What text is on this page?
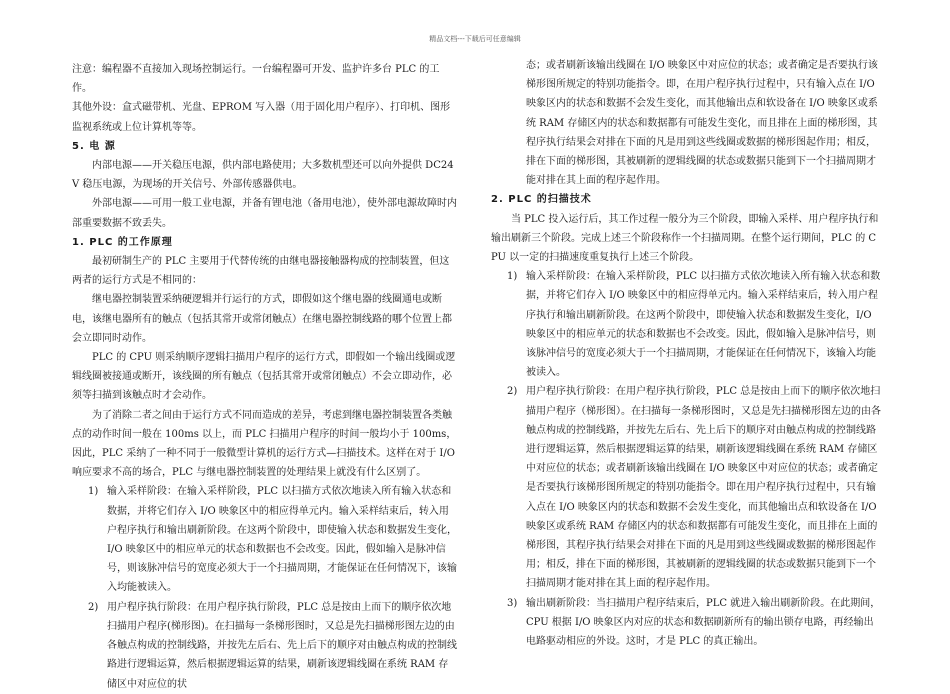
精品文档---下载后可任意编辑

注意：编程器不直接加入现场控制运行。一台编程器可开发、监护许多台 PLC 的工作。

其他外设：盒式磁带机、光盘、EPROM 写入器（用于固化用户程序）、打印机、图形监视系统或上位计算机等等。

5. 电 源

内部电源——开关稳压电源，供内部电路使用；大多数机型还可以向外提供 DC24V 稳压电源，为现场的开关信号、外部传感器供电。

外部电源——可用一般工业电源，并备有锂电池（备用电池），使外部电源故障时内部重要数据不致丢失。

1. PLC 的工作原理

最初研制生产的 PLC 主要用于代替传统的由继电器接触器构成的控制装置，但这两者的运行方式是不相同的：

继电器控制装置采纳硬逻辑并行运行的方式，即假如这个继电器的线圈通电或断电，该继电器所有的触点（包括其常开或常闭触点）在继电器控制线路的哪个位置上都会立即同时动作。

PLC 的 CPU 则采纳顺序逻辑扫描用户程序的运行方式，即假如一个输出线圈或逻辑线圈被接通或断开，该线圈的所有触点（包括其常开或常闭触点）不会立即动作，必须等扫描到该触点时才会动作。

为了消除二者之间由于运行方式不同而造成的差异，考虑到继电器控制装置各类触点的动作时间一般在 100ms 以上，而 PLC 扫描用户程序的时间一般均小于 100ms，因此，PLC 采纳了一种不同于一般微型计算机的运行方式—扫描技术。这样在对于 I/O 响应要求不高的场合，PLC 与继电器控制装置的处理结果上就没有什么区别了。

1) 输入采样阶段：在输入采样阶段，PLC 以扫描方式依次地读入所有输入状态和数据，并将它们存入 I/O 映象区中的相应得单元内。输入采样结束后，转入用户程序执行和输出刷新阶段。在这两个阶段中，即使输入状态和数据发生变化，I/O 映象区中的相应单元的状态和数据也不会改变。因此，假如输入是脉冲信号，则该脉冲信号的宽度必须大于一个扫描周期，才能保证在任何情况下，该输入均能被读入。
2) 用户程序执行阶段：在用户程序执行阶段，PLC 总是按由上而下的顺序依次地扫描用户程序(梯形图)。在扫描每一条梯形图时，又总是先扫描梯形图左边的由各触点构成的控制线路，并按先左后右、先上后下的顺序对由触点构成的控制线路进行逻辑运算，然后根据逻辑运算的结果，刷新该逻辑线圈在系统 RAM 存储区中对应位的状

态；或者刷新该输出线圈在 I/O 映象区中对应位的状态；或者确定是否要执行该梯形图所规定的特别功能指令。即，在用户程序执行过程中，只有输入点在 I/O 映象区内的状态和数据不会发生变化，而其他输出点和软设备在 I/O 映象区或系统 RAM 存储区内的状态和数据都有可能发生变化，而且排在上面的梯形图，其程序执行结果会对排在下面的凡是用到这些线圈或数据的梯形图起作用；相反，排在下面的梯形图，其被刷新的逻辑线圈的状态或数据只能到下一个扫描周期才能对排在其上面的程序起作用。

2. PLC 的扫描技术

当 PLC 投入运行后，其工作过程一般分为三个阶段，即输入采样、用户程序执行和输出刷新三个阶段。完成上述三个阶段称作一个扫描周期。在整个运行期间，PLC 的 CPU 以一定的扫描速度重复执行上述三个阶段。

1) 输入采样阶段：在输入采样阶段，PLC 以扫描方式依次地读入所有输入状态和数据，并将它们存入 I/O 映象区中的相应得单元内。输入采样结束后，转入用户程序执行和输出刷新阶段。在这两个阶段中，即使输入状态和数据发生变化，I/O 映象区中的相应单元的状态和数据也不会改变。因此，假如输入是脉冲信号，则该脉冲信号的宽度必须大于一个扫描周期，才能保证在任何情况下，该输入均能被读入。
2) 用户程序执行阶段：在用户程序执行阶段，PLC 总是按由上而下的顺序依次地扫描用户程序（梯形图）。在扫描每一条梯形图时，又总是先扫描梯形图左边的由各触点构成的控制线路，并按先左后右、先上后下的顺序对由触点构成的控制线路进行逻辑运算，然后根据逻辑运算的结果，刷新该逻辑线圈在系统 RAM 存储区中对应位的状态；或者刷新该输出线圈在 I/O 映象区中对应位的状态；或者确定是否要执行该梯形图所规定的特别功能指令。即在用户程序执行过程中，只有输入点在 I/O 映象区内的状态和数据不会发生变化，而其他输出点和软设备在 I/O 映象区或系统 RAM 存储区内的状态和数据都有可能发生变化，而且排在上面的梯形图，其程序执行结果会对排在下面的凡是用到这些线圈或数据的梯形图起作用；相反，排在下面的梯形图，其被刷新的逻辑线圈的状态或数据只能到下一个扫描周期才能对排在其上面的程序起作用。
3) 输出刷新阶段：当扫描用户程序结束后，PLC 就进入输出刷新阶段。在此期间，CPU 根据 I/O 映象区内对应的状态和数据刷新所有的输出锁存电路，再经输出电路驱动相应的外设。这时，才是 PLC 的真正输出。
